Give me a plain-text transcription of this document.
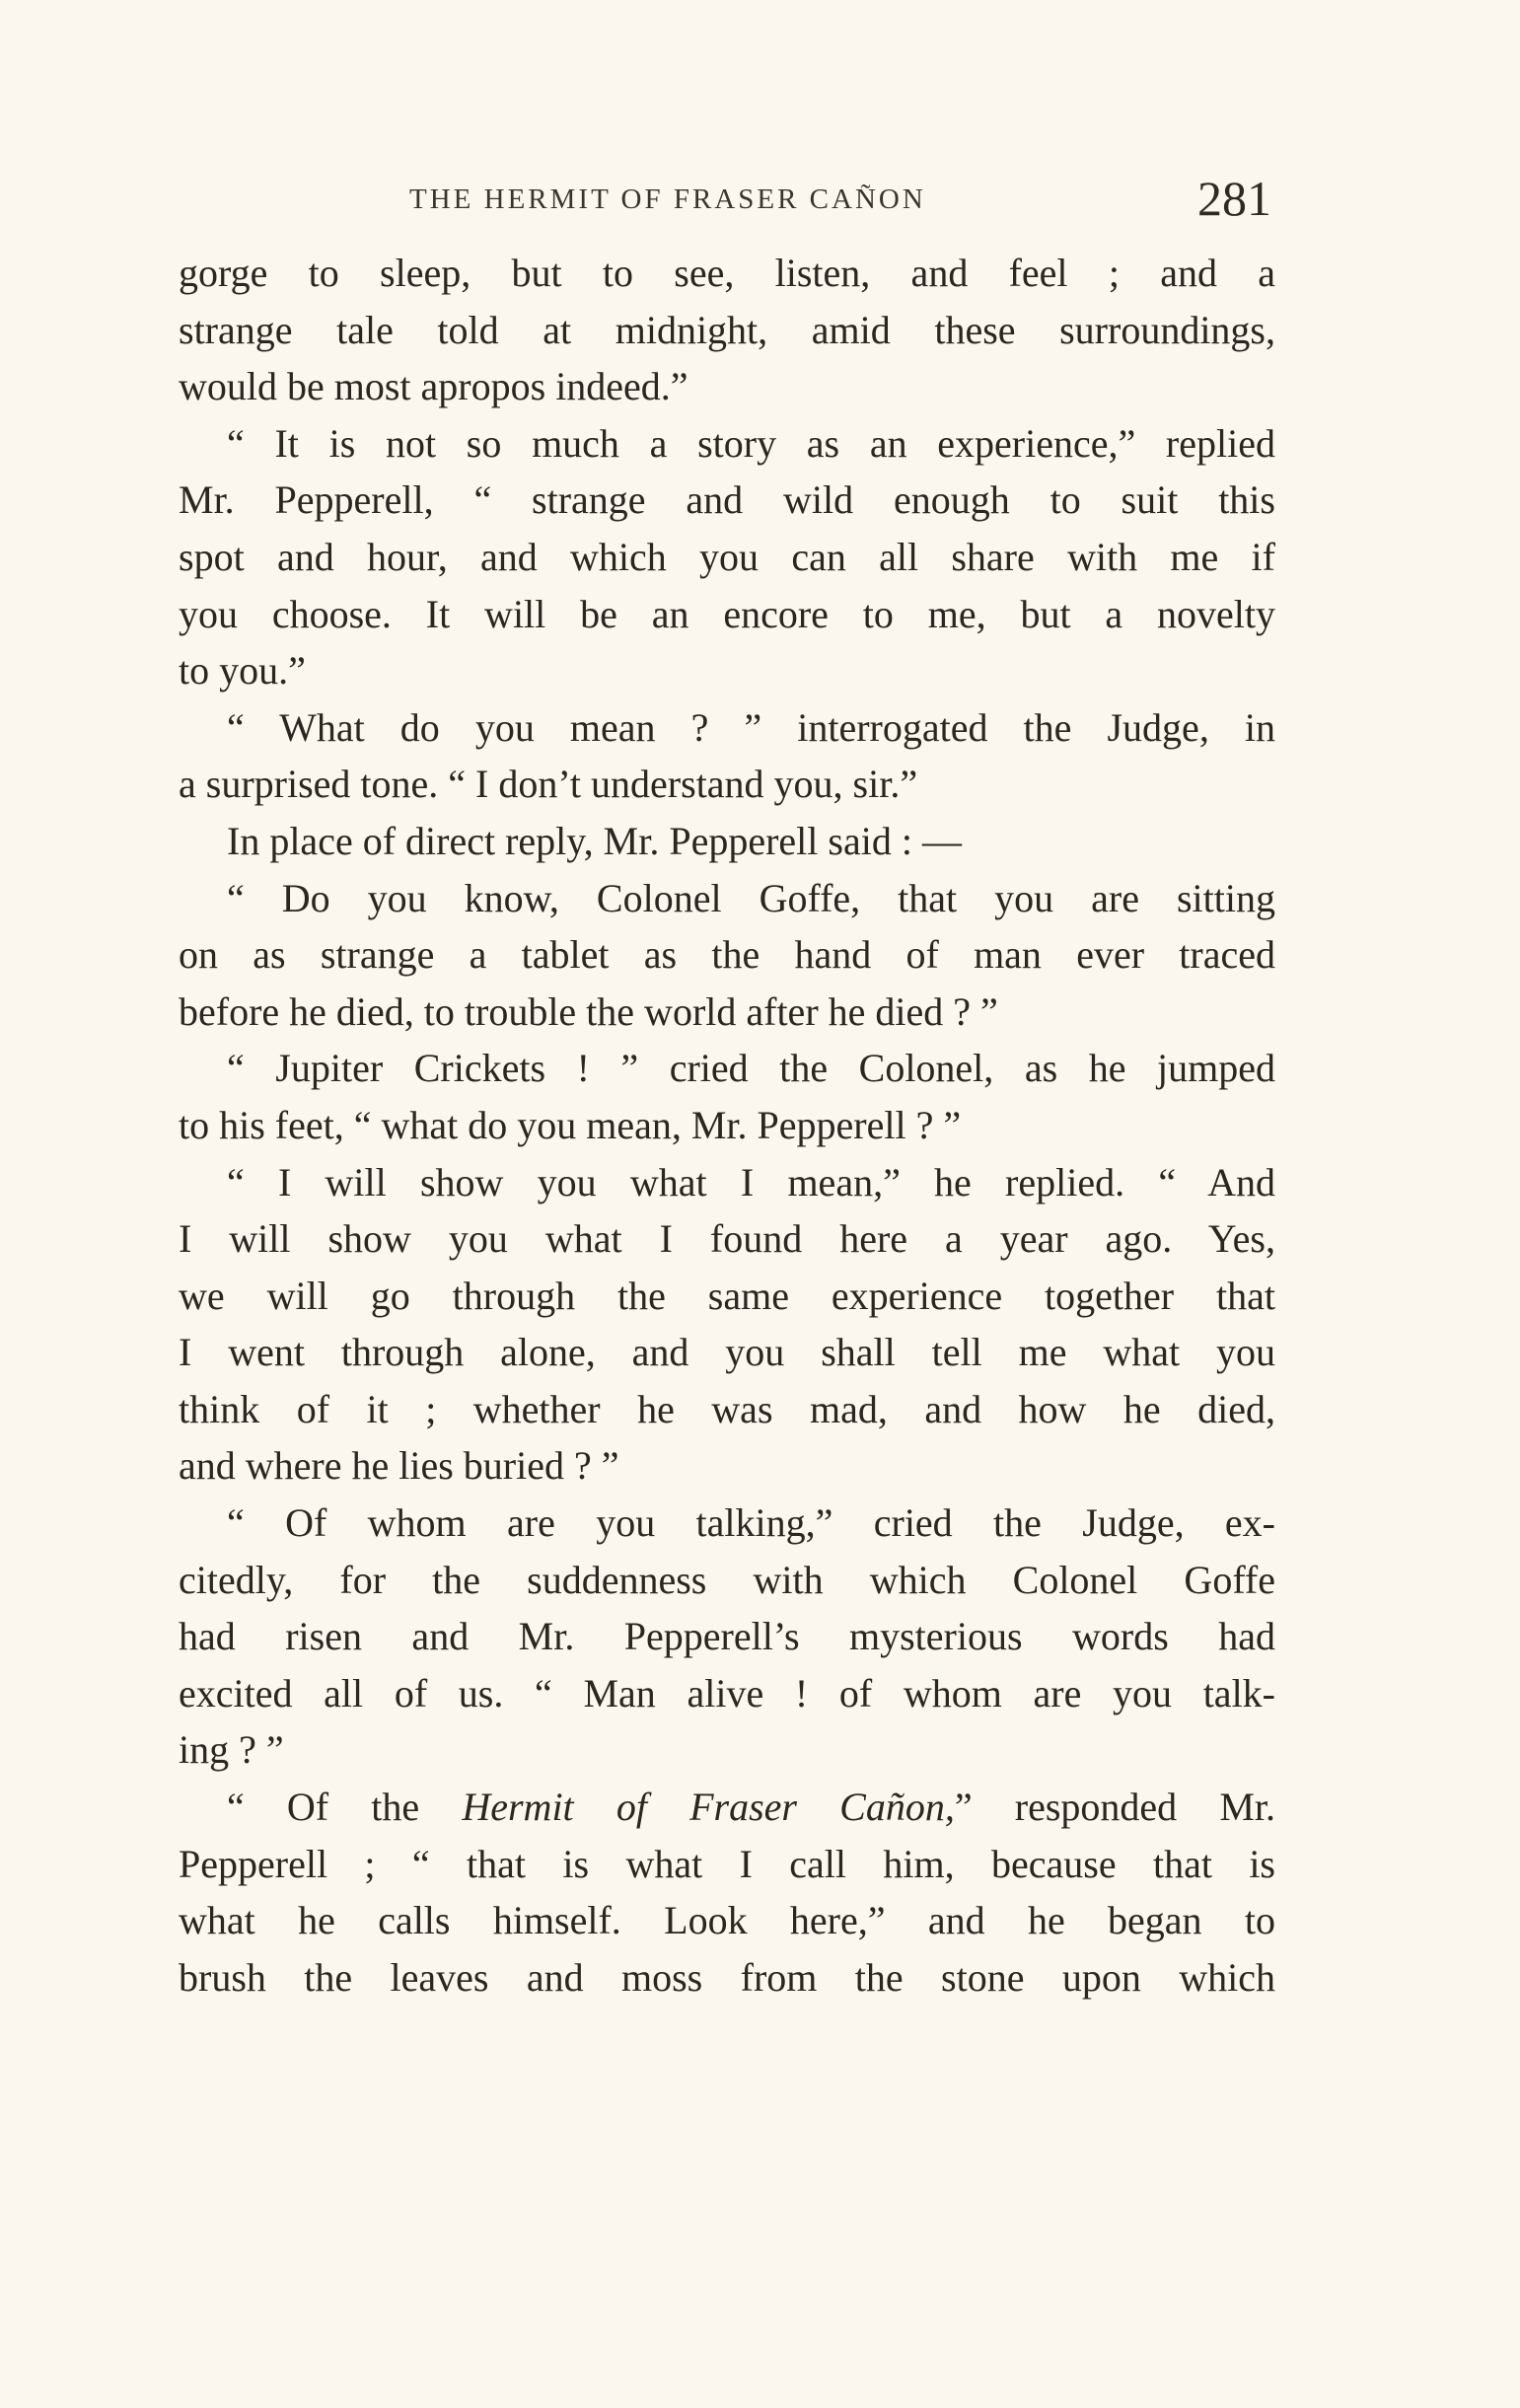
THE HERMIT OF FRASER CAÑON	281
gorge to sleep, but to see, listen, and feel ; and a
strange tale told at midnight, amid these surroundings,
would be most apropos indeed.”
“ It is not so much a story as an experience,” replied
Mr. Pepperell, “ strange and wild enough to suit this
spot and hour, and which you can all share with me if
you choose. It will be an encore to me, but a novelty
to you.”
“ What do you mean ? ” interrogated the Judge, in
a surprised tone. “ I don’t understand you, sir.”
In place of direct reply, Mr. Pepperell said : —
“ Do you know, Colonel Goffe, that you are sitting
on as strange a tablet as the hand of man ever traced
before he died, to trouble the world after he died ? ”
“ Jupiter Crickets ! ” cried the Colonel, as he jumped
to his feet, “ what do you mean, Mr. Pepperell ? ”
“ I will show you what I mean,” he replied. “ And
I will show you what I found here a year ago. Yes,
we will go through the same experience together that
I went through alone, and you shall tell me what you
think of it ; whether he was mad, and how he died,
and where he lies buried ? ”
“ Of whom are you talking,” cried the Judge, ex-
citedly, for the suddenness with which Colonel Goffe
had risen and Mr. Pepperell’s mysterious words had
excited all of us. “ Man alive ! of whom are you talk-
ing ? ”
“ Of the Hermit of Fraser Cañon,” responded Mr.
Pepperell ; “ that is what I call him, because that is
what he calls himself. Look here,” and he began to
brush the leaves and moss from the stone upon which
